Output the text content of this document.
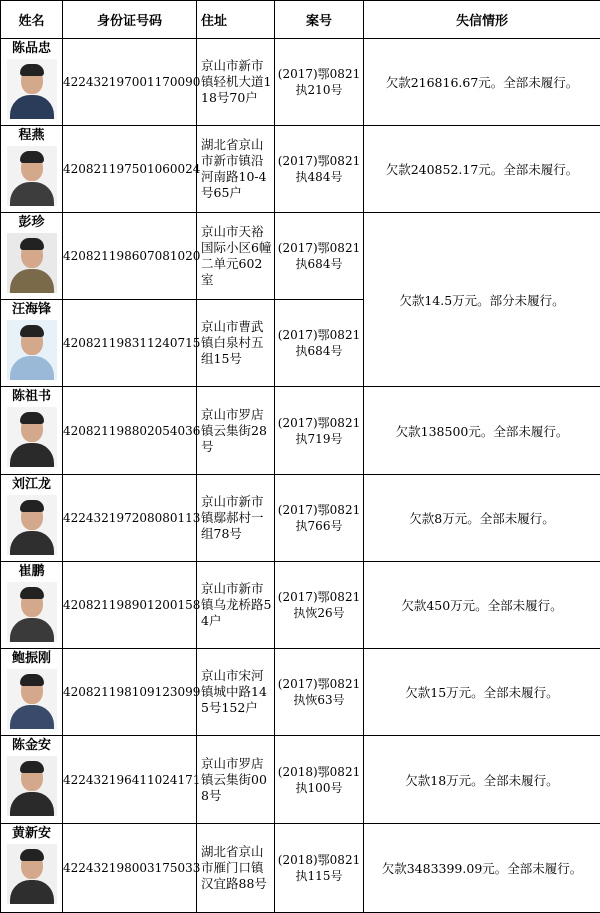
姓名	身份证号码	住址	案号	失信情形

陈品忠	422432197001170090	京山市新市镇轻机大道118号70户	(2017)鄂0821执210号	欠款216816.67元。全部未履行。

程燕	420821197501060024	湖北省京山市新市镇沿河南路10-4号65户	(2017)鄂0821执484号	欠款240852.17元。全部未履行。

彭珍	420821198607081020	京山市天裕国际小区6幢二单元602室	(2017)鄂0821执684号	欠款14.5万元。部分未履行。

汪海锋	420821198311240715	京山市曹武镇白泉村五组15号	(2017)鄂0821执684号	

陈祖书	420821198802054036	京山市罗店镇云集街28号	(2017)鄂0821执719号	欠款138500元。全部未履行。

刘江龙	422432197208080113	京山市新市镇鄢郝村一组78号	(2017)鄂0821执766号	欠款8万元。全部未履行。

崔鹏	420821198901200158	京山市新市镇乌龙桥路54户	(2017)鄂0821执恢26号	欠款450万元。全部未履行。

鲍振刚	420821198109123099	京山市宋河镇城中路145号152户	(2017)鄂0821执恢63号	欠款15万元。全部未履行。

陈金安	422432196411024171	京山市罗店镇云集街008号	(2018)鄂0821执100号	欠款18万元。全部未履行。

黄新安	422432198003175033	湖北省京山市雁门口镇汉宜路88号	(2018)鄂0821执115号	欠款3483399.09元。全部未履行。
